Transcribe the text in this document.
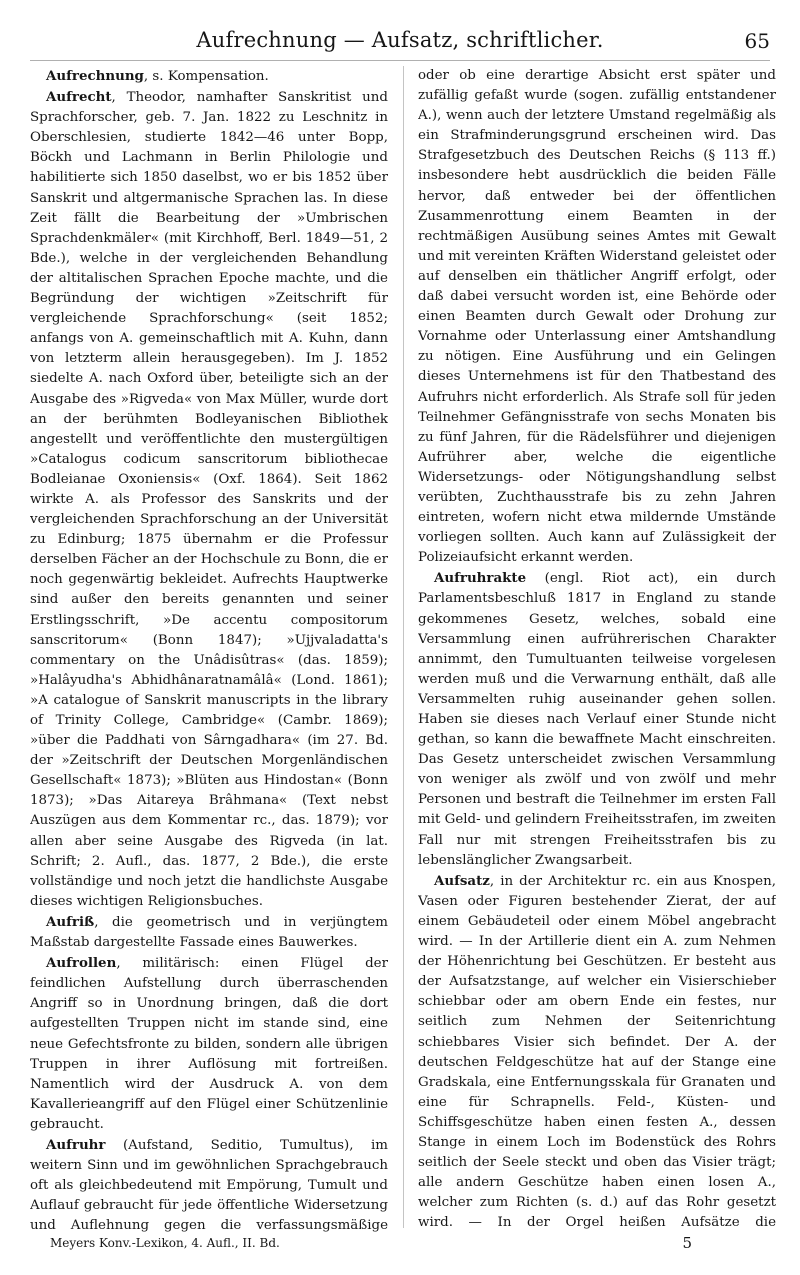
Aufrechnung — Aufsatz, schriftlicher.	65

Aufrechnung, s. Kompensation.

Aufrecht, Theodor, namhafter Sanskritist und Sprachforscher, geb. 7. Jan. 1822 zu Leschnitz in Oberschlesien, studierte 1842—46 unter Bopp, Böckh und Lachmann in Berlin Philologie und habilitierte sich 1850 daselbst, wo er bis 1852 über Sanskrit und altgermanische Sprachen las. In diese Zeit fällt die Bearbeitung der »Umbrischen Sprachdenkmäler« (mit Kirchhoff, Berl. 1849—51, 2 Bde.), welche in der vergleichenden Behandlung der altitalischen Sprachen Epoche machte, und die Begründung der wichtigen »Zeitschrift für vergleichende Sprachforschung« (seit 1852; anfangs von A. gemeinschaftlich mit A. Kuhn, dann von letzterm allein herausgegeben). Im J. 1852 siedelte A. nach Oxford über, beteiligte sich an der Ausgabe des »Rigveda« von Max Müller, wurde dort an der berühmten Bodleyanischen Bibliothek angestellt und veröffentlichte den mustergültigen »Catalogus codicum sanscritorum bibliothecae Bodleianae Oxoniensis« (Oxf. 1864). Seit 1862 wirkte A. als Professor des Sanskrits und der vergleichenden Sprachforschung an der Universität zu Edinburg; 1875 übernahm er die Professur derselben Fächer an der Hochschule zu Bonn, die er noch gegenwärtig bekleidet. Aufrechts Hauptwerke sind außer den bereits genannten und seiner Erstlingsschrift, »De accentu compositorum sanscritorum« (Bonn 1847); »Ujjvaladatta's commentary on the Unâdisûtras« (das. 1859); »Halâyudha's Abhidhânaratnamâlâ« (Lond. 1861); »A catalogue of Sanskrit manuscripts in the library of Trinity College, Cambridge« (Cambr. 1869); »über die Paddhati von Sârngadhara« (im 27. Bd. der »Zeitschrift der Deutschen Morgenländischen Gesellschaft« 1873); »Blüten aus Hindostan« (Bonn 1873); »Das Aitareya Brâhmana« (Text nebst Auszügen aus dem Kommentar rc., das. 1879); vor allen aber seine Ausgabe des Rigveda (in lat. Schrift; 2. Aufl., das. 1877, 2 Bde.), die erste vollständige und noch jetzt die handlichste Ausgabe dieses wichtigen Religionsbuches.

Aufriß, die geometrisch und in verjüngtem Maßstab dargestellte Fassade eines Bauwerkes.

Aufrollen, militärisch: einen Flügel der feindlichen Aufstellung durch überraschenden Angriff so in Unordnung bringen, daß die dort aufgestellten Truppen nicht im stande sind, eine neue Gefechtsfronte zu bilden, sondern alle übrigen Truppen in ihrer Auflösung mit fortreißen. Namentlich wird der Ausdruck A. von dem Kavallerieangriff auf den Flügel einer Schützenlinie gebraucht.

Aufruhr (Aufstand, Seditio, Tumultus), im weitern Sinn und im gewöhnlichen Sprachgebrauch oft als gleichbedeutend mit Empörung, Tumult und Auflauf gebraucht für jede öffentliche Widersetzung und Auflehnung gegen die verfassungsmäßige

oder ob eine derartige Absicht erst später und zufällig gefaßt wurde (sogen. zufällig entstandener A.), wenn auch der letztere Umstand regelmäßig als ein Strafminderungsgrund erscheinen wird. Das Strafgesetzbuch des Deutschen Reichs (§ 113 ff.) insbesondere hebt ausdrücklich die beiden Fälle hervor, daß entweder bei der öffentlichen Zusammenrottung einem Beamten in der rechtmäßigen Ausübung seines Amtes mit Gewalt und mit vereinten Kräften Widerstand geleistet oder auf denselben ein thätlicher Angriff erfolgt, oder daß dabei versucht worden ist, eine Behörde oder einen Beamten durch Gewalt oder Drohung zur Vornahme oder Unterlassung einer Amtshandlung zu nötigen. Eine Ausführung und ein Gelingen dieses Unternehmens ist für den Thatbestand des Aufruhrs nicht erforderlich. Als Strafe soll für jeden Teilnehmer Gefängnisstrafe von sechs Monaten bis zu fünf Jahren, für die Rädelsführer und diejenigen Aufrührer aber, welche die eigentliche Widersetzungs- oder Nötigungshandlung selbst verübten, Zuchthausstrafe bis zu zehn Jahren eintreten, wofern nicht etwa mildernde Umstände vorliegen sollten. Auch kann auf Zulässigkeit der Polizeiaufsicht erkannt werden.

Aufruhrakte (engl. Riot act), ein durch Parlamentsbeschluß 1817 in England zu stande gekommenes Gesetz, welches, sobald eine Versammlung einen aufrührerischen Charakter annimmt, den Tumultuanten teilweise vorgelesen werden muß und die Verwarnung enthält, daß alle Versammelten ruhig auseinander gehen sollen. Haben sie dieses nach Verlauf einer Stunde nicht gethan, so kann die bewaffnete Macht einschreiten. Das Gesetz unterscheidet zwischen Versammlung von weniger als zwölf und von zwölf und mehr Personen und bestraft die Teilnehmer im ersten Fall mit Geld- und gelindern Freiheitsstrafen, im zweiten Fall nur mit strengen Freiheitsstrafen bis zu lebenslänglicher Zwangsarbeit.

Aufsatz, in der Architektur rc. ein aus Knospen, Vasen oder Figuren bestehender Zierat, der auf einem Gebäudeteil oder einem Möbel angebracht wird. — In der Artillerie dient ein A. zum Nehmen der Höhenrichtung bei Geschützen. Er besteht aus der Aufsatzstange, auf welcher ein Visierschieber schiebbar oder am obern Ende ein festes, nur seitlich zum Nehmen der Seitenrichtung schiebbares Visier sich befindet. Der A. der deutschen Feldgeschütze hat auf der Stange eine Gradskala, eine Entfernungsskala für Granaten und eine für Schrapnells. Feld-, Küsten- und Schiffsgeschütze haben einen festen A., dessen Stange in einem Loch im Bodenstück des Rohrs seitlich der Seele steckt und oben das Visier trägt; alle andern Geschütze haben einen losen A., welcher zum Richten (s. d.) auf das Rohr gesetzt wird. — In der Orgel heißen Aufsätze die

Meyers Konv.-Lexikon, 4. Aufl., II. Bd.	5
